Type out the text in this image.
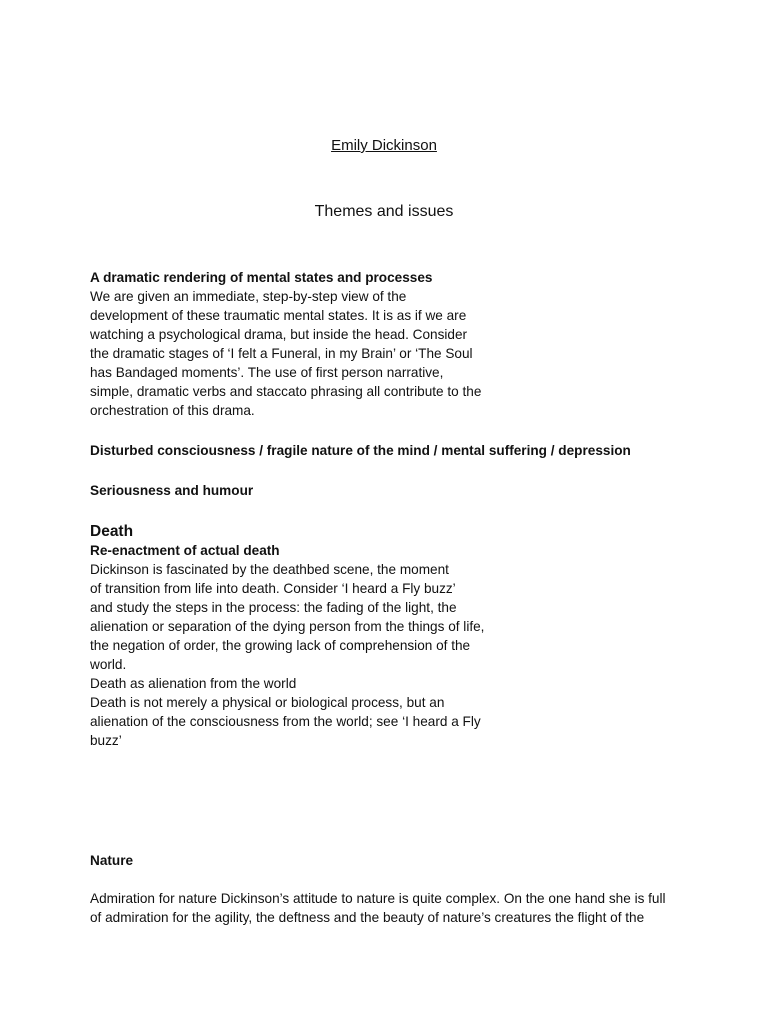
Emily Dickinson
Themes and issues
A dramatic rendering of mental states and processes
We are given an immediate, step-by-step view of the
development of these traumatic mental states. It is as if we are
watching a psychological drama, but inside the head. Consider
the dramatic stages of ‘I felt a Funeral, in my Brain’ or ‘The Soul
has Bandaged moments’. The use of first person narrative,
simple, dramatic verbs and staccato phrasing all contribute to the
orchestration of this drama.
Disturbed consciousness / fragile nature of the mind / mental suffering / depression
Seriousness and humour
Death
Re-enactment of actual death
Dickinson is fascinated by the deathbed scene, the moment
of transition from life into death. Consider ‘I heard a Fly buzz’
and study the steps in the process: the fading of the light, the
alienation or separation of the dying person from the things of life,
the negation of order, the growing lack of comprehension of the
world.
Death as alienation from the world
Death is not merely a physical or biological process, but an
alienation of the consciousness from the world; see ‘I heard a Fly
buzz’
Nature
Admiration for nature Dickinson’s attitude to nature is quite complex. On the one hand she is full
of admiration for the agility, the deftness and the beauty of nature’s creatures the flight of the
